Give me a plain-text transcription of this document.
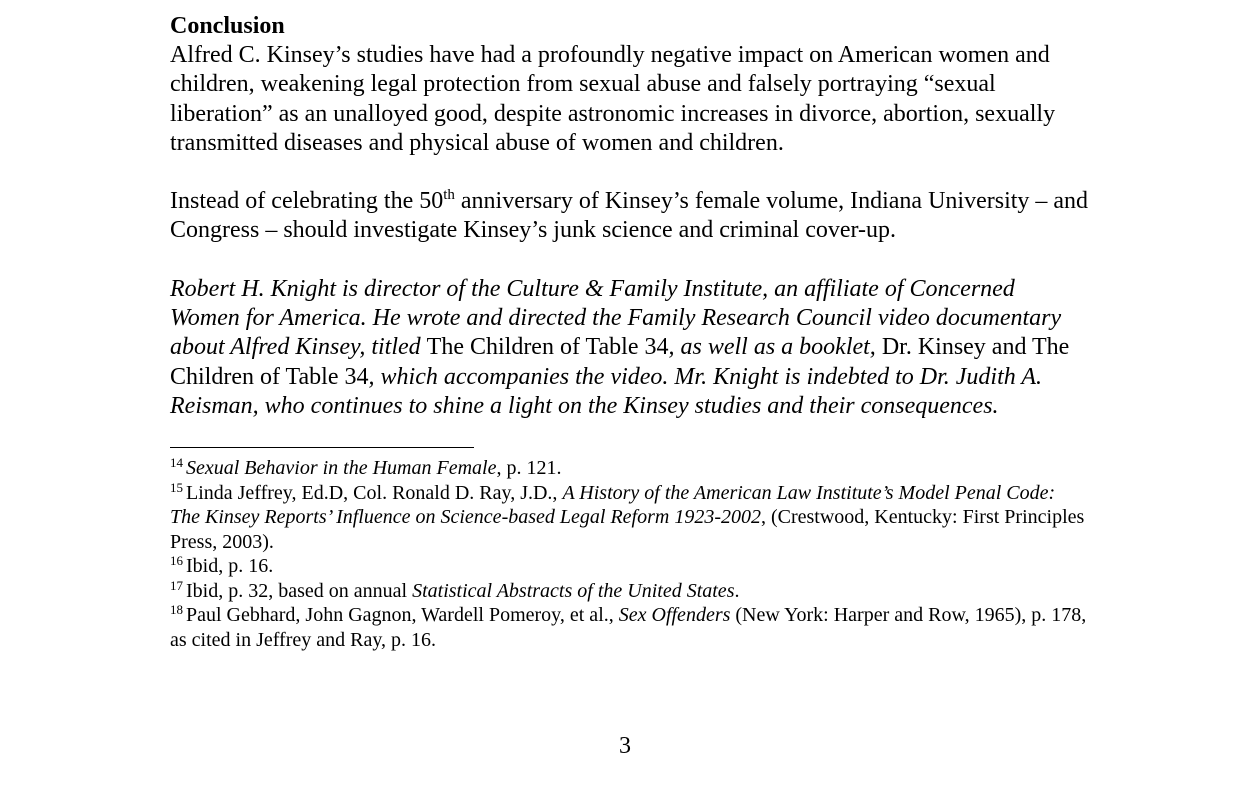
Conclusion

Alfred C. Kinsey’s studies have had a profoundly negative impact on American women and children, weakening legal protection from sexual abuse and falsely portraying “sexual liberation” as an unalloyed good, despite astronomic increases in divorce, abortion, sexually transmitted diseases and physical abuse of women and children.

Instead of celebrating the 50th anniversary of Kinsey’s female volume, Indiana University – and Congress – should investigate Kinsey’s junk science and criminal cover-up.

Robert H. Knight is director of the Culture & Family Institute, an affiliate of Concerned Women for America. He wrote and directed the Family Research Council video documentary about Alfred Kinsey, titled The Children of Table 34, as well as a booklet, Dr. Kinsey and The Children of Table 34, which accompanies the video. Mr. Knight is indebted to Dr. Judith A. Reisman, who continues to shine a light on the Kinsey studies and their consequences.

$^{14}$ Sexual Behavior in the Human Female, p. 121.

$^{15}$ Linda Jeffrey, Ed.D, Col. Ronald D. Ray, J.D., A History of the American Law Institute’s Model Penal Code: The Kinsey Reports’ Influence on Science-based Legal Reform 1923-2002, (Crestwood, Kentucky: First Principles Press, 2003).

$^{16}$ Ibid, p. 16.

$^{17}$ Ibid, p. 32, based on annual Statistical Abstracts of the United States.

$^{18}$ Paul Gebhard, John Gagnon, Wardell Pomeroy, et al., Sex Offenders (New York: Harper and Row, 1965), p. 178, as cited in Jeffrey and Ray, p. 16.

3
